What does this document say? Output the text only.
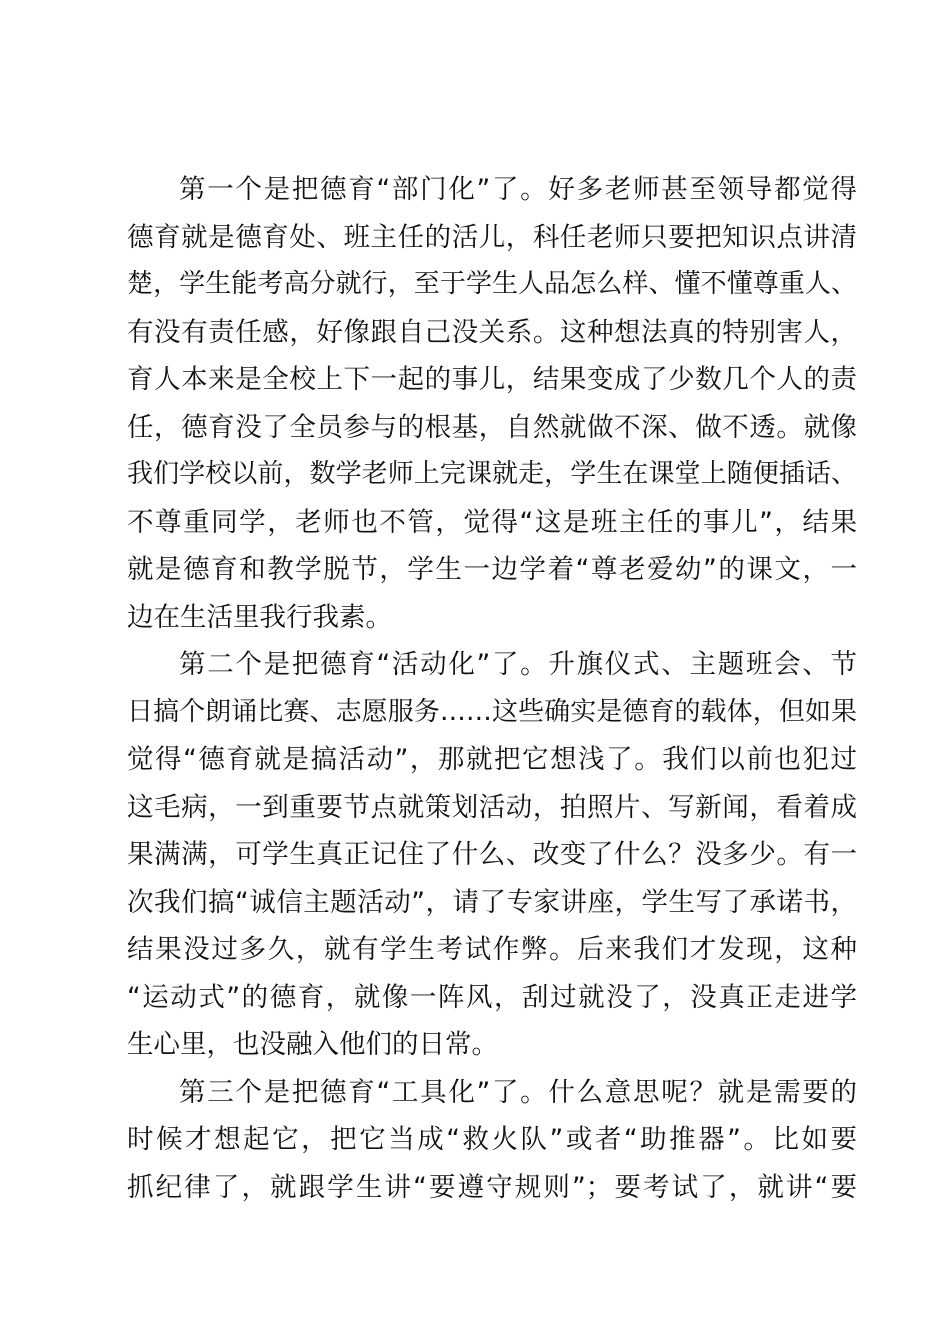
第一个是把德育“部门化”了。好多老师甚至领导都觉得
德育就是德育处、班主任的活儿，科任老师只要把知识点讲清
楚，学生能考高分就行，至于学生人品怎么样、懂不懂尊重人、
有没有责任感，好像跟自己没关系。这种想法真的特别害人，
育人本来是全校上下一起的事儿，结果变成了少数几个人的责
任，德育没了全员参与的根基，自然就做不深、做不透。就像
我们学校以前，数学老师上完课就走，学生在课堂上随便插话、
不尊重同学，老师也不管，觉得“这是班主任的事儿”，结果
就是德育和教学脱节，学生一边学着“尊老爱幼”的课文，一
边在生活里我行我素。
第二个是把德育“活动化”了。升旗仪式、主题班会、节
日搞个朗诵比赛、志愿服务……这些确实是德育的载体，但如果
觉得“德育就是搞活动”，那就把它想浅了。我们以前也犯过
这毛病，一到重要节点就策划活动，拍照片、写新闻，看着成
果满满，可学生真正记住了什么、改变了什么？没多少。有一
次我们搞“诚信主题活动”，请了专家讲座，学生写了承诺书，
结果没过多久，就有学生考试作弊。后来我们才发现，这种
“运动式”的德育，就像一阵风，刮过就没了，没真正走进学
生心里，也没融入他们的日常。
第三个是把德育“工具化”了。什么意思呢？就是需要的
时候才想起它，把它当成“救火队”或者“助推器”。比如要
抓纪律了，就跟学生讲“要遵守规则”；要考试了，就讲“要
